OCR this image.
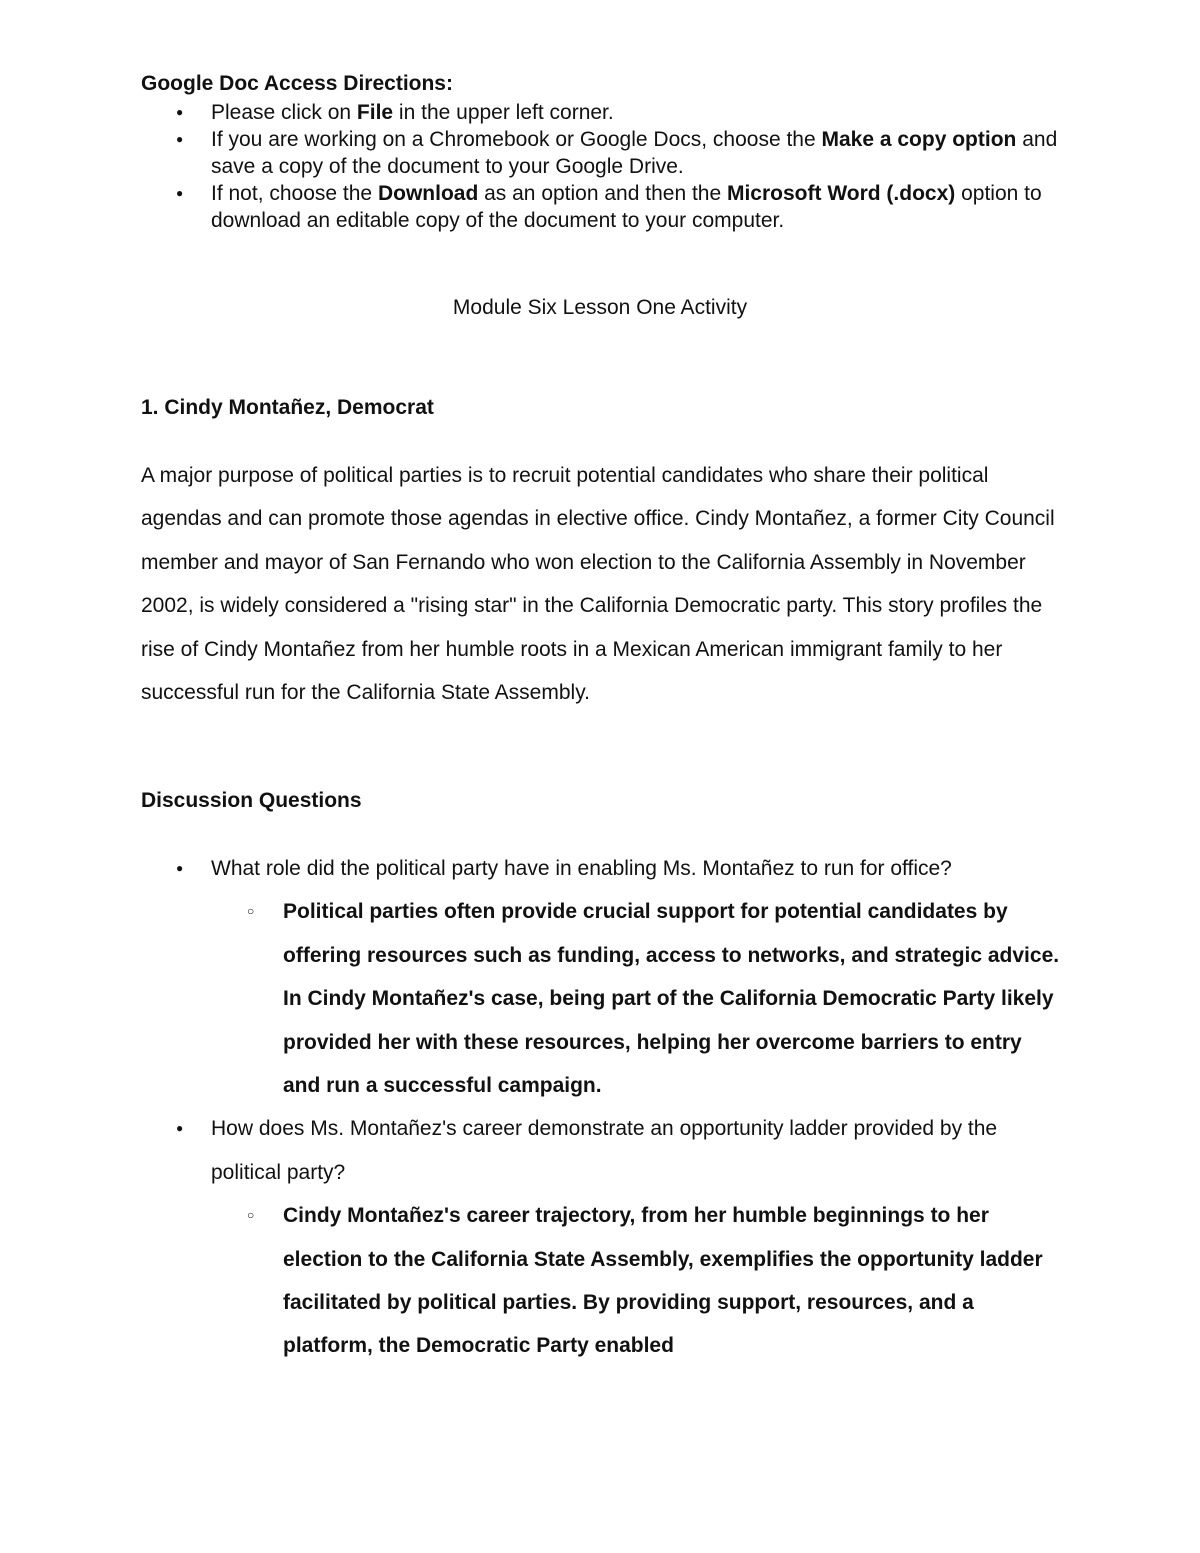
Google Doc Access Directions:

● Please click on File in the upper left corner.
● If you are working on a Chromebook or Google Docs, choose the Make a copy option and save a copy of the document to your Google Drive.
● If not, choose the Download as an option and then the Microsoft Word (.docx) option to download an editable copy of the document to your computer.

Module Six Lesson One Activity

1. Cindy Montañez, Democrat

A major purpose of political parties is to recruit potential candidates who share their political agendas and can promote those agendas in elective office. Cindy Montañez, a former City Council member and mayor of San Fernando who won election to the California Assembly in November 2002, is widely considered a "rising star" in the California Democratic party. This story profiles the rise of Cindy Montañez from her humble roots in a Mexican American immigrant family to her successful run for the California State Assembly.

Discussion Questions

● What role did the political party have in enabling Ms. Montañez to run for office?
○ Political parties often provide crucial support for potential candidates by offering resources such as funding, access to networks, and strategic advice. In Cindy Montañez's case, being part of the California Democratic Party likely provided her with these resources, helping her overcome barriers to entry and run a successful campaign.
● How does Ms. Montañez's career demonstrate an opportunity ladder provided by the political party?
○ Cindy Montañez's career trajectory, from her humble beginnings to her election to the California State Assembly, exemplifies the opportunity ladder facilitated by political parties. By providing support, resources, and a platform, the Democratic Party enabled
